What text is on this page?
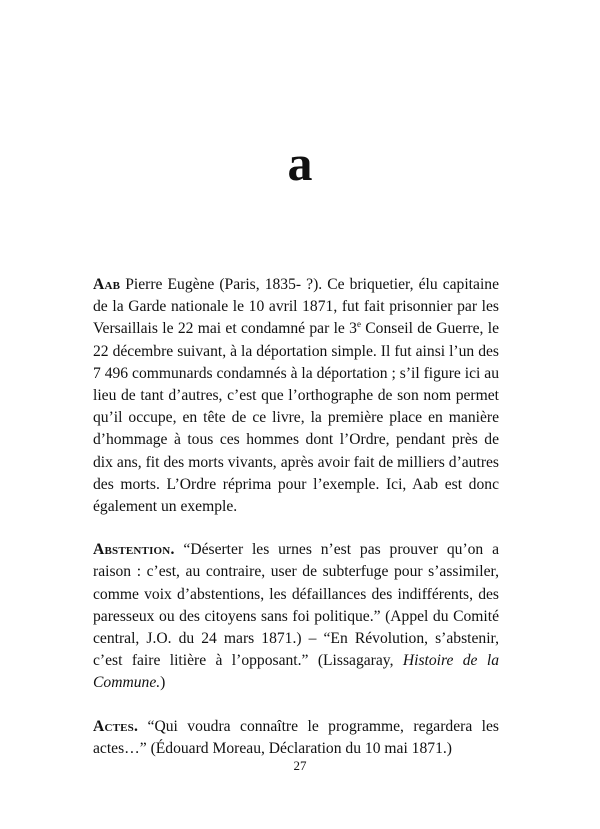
a

Aab Pierre Eugène (Paris, 1835- ?). Ce briquetier, élu capitaine de la Garde nationale le 10 avril 1871, fut fait prisonnier par les Versaillais le 22 mai et condamné par le 3e Conseil de Guerre, le 22 décembre suivant, à la déportation simple. Il fut ainsi l’un des 7 496 communards condamnés à la déportation ; s’il figure ici au lieu de tant d’autres, c’est que l’orthographe de son nom permet qu’il occupe, en tête de ce livre, la première place en manière d’hommage à tous ces hommes dont l’Ordre, pendant près de dix ans, fit des morts vivants, après avoir fait de milliers d’autres des morts. L’Ordre réprima pour l’exemple. Ici, Aab est donc également un exemple.

Abstention. “Déserter les urnes n’est pas prouver qu’on a raison : c’est, au contraire, user de subterfuge pour s’assimiler, comme voix d’abstentions, les défaillances des indifférents, des paresseux ou des citoyens sans foi politique.” (Appel du Comité central, J.O. du 24 mars 1871.) – “En Révolution, s’abstenir, c’est faire litière à l’opposant.” (Lissagaray, Histoire de la Commune.)

Actes. “Qui voudra connaître le programme, regardera les actes…” (Édouard Moreau, Déclaration du 10 mai 1871.)

27
